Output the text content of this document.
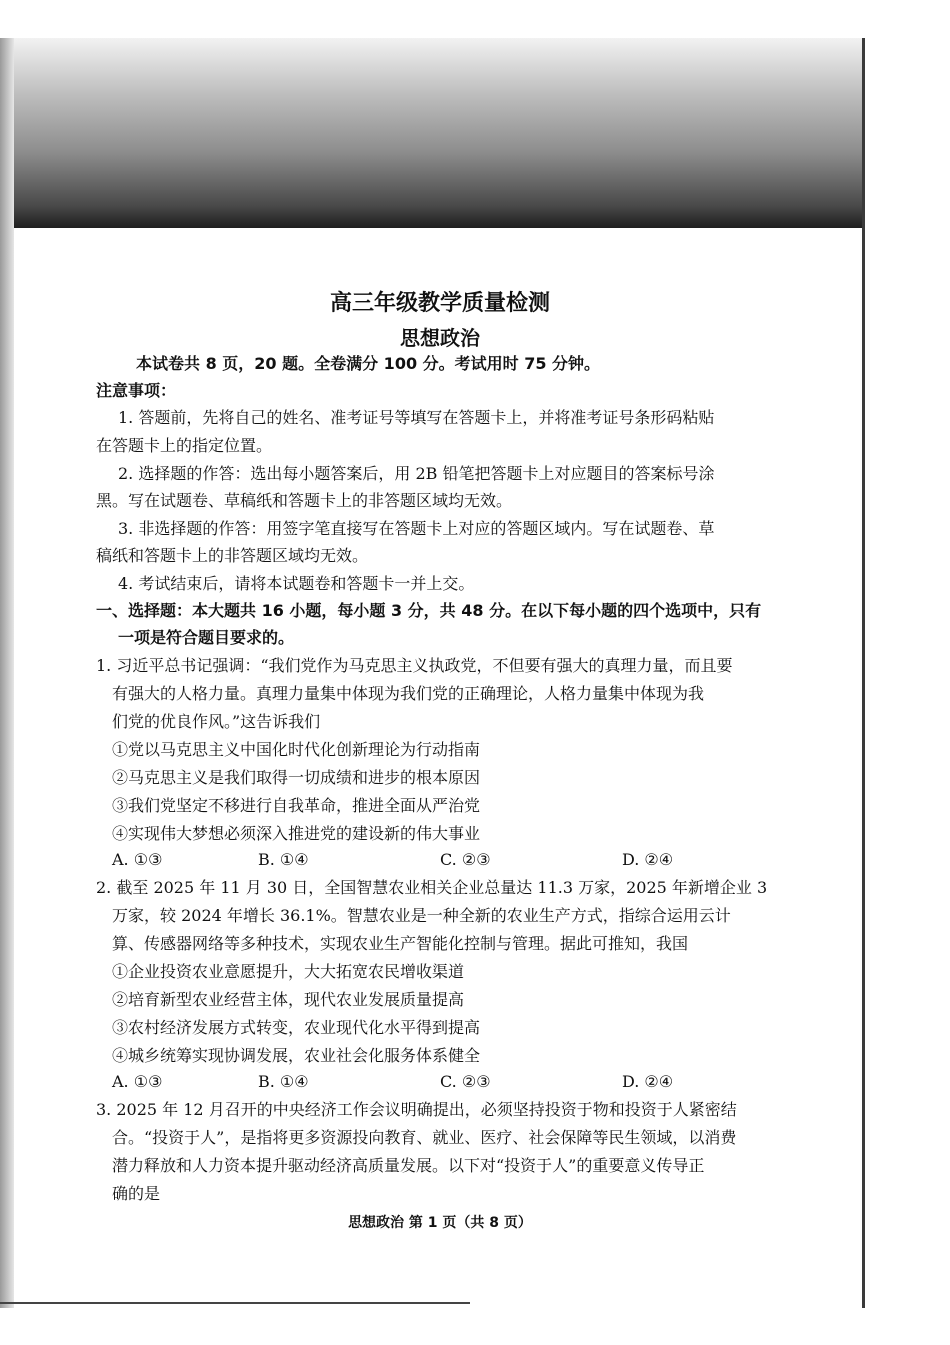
高三年级教学质量检测
思想政治
本试卷共 8 页，20 题。全卷满分 100 分。考试用时 75 分钟。
注意事项：
1. 答题前，先将自己的姓名、准考证号等填写在答题卡上，并将准考证号条形码粘贴
在答题卡上的指定位置。
2. 选择题的作答：选出每小题答案后，用 2B 铅笔把答题卡上对应题目的答案标号涂
黑。写在试题卷、草稿纸和答题卡上的非答题区域均无效。
3. 非选择题的作答：用签字笔直接写在答题卡上对应的答题区域内。写在试题卷、草
稿纸和答题卡上的非答题区域均无效。
4. 考试结束后，请将本试题卷和答题卡一并上交。
一、选择题：本大题共 16 小题，每小题 3 分，共 48 分。在以下每小题的四个选项中，只有
一项是符合题目要求的。
1. 习近平总书记强调：“我们党作为马克思主义执政党，不但要有强大的真理力量，而且要
有强大的人格力量。真理力量集中体现为我们党的正确理论，人格力量集中体现为我
们党的优良作风。”这告诉我们
①党以马克思主义中国化时代化创新理论为行动指南
②马克思主义是我们取得一切成绩和进步的根本原因
③我们党坚定不移进行自我革命，推进全面从严治党
④实现伟大梦想必须深入推进党的建设新的伟大事业
A. ①③	B. ①④	C. ②③	D. ②④
2. 截至 2025 年 11 月 30 日，全国智慧农业相关企业总量达 11.3 万家，2025 年新增企业 3
万家，较 2024 年增长 36.1%。智慧农业是一种全新的农业生产方式，指综合运用云计
算、传感器网络等多种技术，实现农业生产智能化控制与管理。据此可推知，我国
①企业投资农业意愿提升，大大拓宽农民增收渠道
②培育新型农业经营主体，现代农业发展质量提高
③农村经济发展方式转变，农业现代化水平得到提高
④城乡统筹实现协调发展，农业社会化服务体系健全
A. ①③	B. ①④	C. ②③	D. ②④
3. 2025 年 12 月召开的中央经济工作会议明确提出，必须坚持投资于物和投资于人紧密结
合。“投资于人”，是指将更多资源投向教育、就业、医疗、社会保障等民生领域，以消费
潜力释放和人力资本提升驱动经济高质量发展。以下对“投资于人”的重要意义传导正
确的是
思想政治 第 1 页（共 8 页）
